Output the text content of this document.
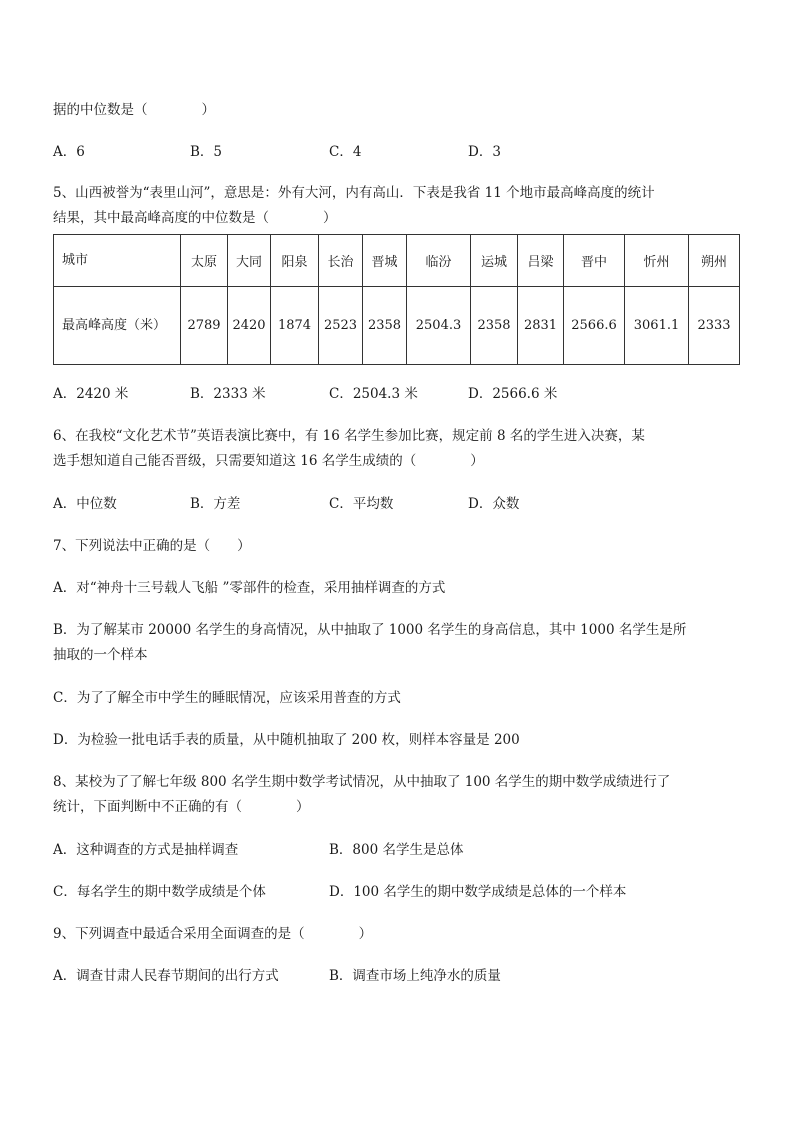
据的中位数是（　　　　）
A．6	B．5	C．4	D．3
5、山西被誉为“表里山河”，意思是：外有大河，内有高山．下表是我省 11 个地市最高峰高度的统计
结果，其中最高峰高度的中位数是（　　　　）
城市	太原	大同	阳泉	长治	晋城	临汾	运城	吕梁	晋中	忻州	朔州
最高峰高度（米）	2789	2420	1874	2523	2358	2504.3	2358	2831	2566.6	3061.1	2333
A．2420 米	B．2333 米	C．2504.3 米	D．2566.6 米
6、在我校“文化艺术节”英语表演比赛中，有 16 名学生参加比赛，规定前 8 名的学生进入决赛，某
选手想知道自己能否晋级，只需要知道这 16 名学生成绩的（　　　　）
A．中位数	B．方差	C．平均数	D．众数
7、下列说法中正确的是（　　）
A．对“神舟十三号载人飞船 ”零部件的检查，采用抽样调查的方式
B．为了解某市 20000 名学生的身高情况，从中抽取了 1000 名学生的身高信息，其中 1000 名学生是所
抽取的一个样本
C．为了了解全市中学生的睡眠情况，应该采用普查的方式
D．为检验一批电话手表的质量，从中随机抽取了 200 枚，则样本容量是 200
8、某校为了了解七年级 800 名学生期中数学考试情况，从中抽取了 100 名学生的期中数学成绩进行了
统计，下面判断中不正确的有（　　　　）
A．这种调查的方式是抽样调查	B．800 名学生是总体
C．每名学生的期中数学成绩是个体	D．100 名学生的期中数学成绩是总体的一个样本
9、下列调查中最适合采用全面调查的是（　　　　）
A．调查甘肃人民春节期间的出行方式	B．调查市场上纯净水的质量
